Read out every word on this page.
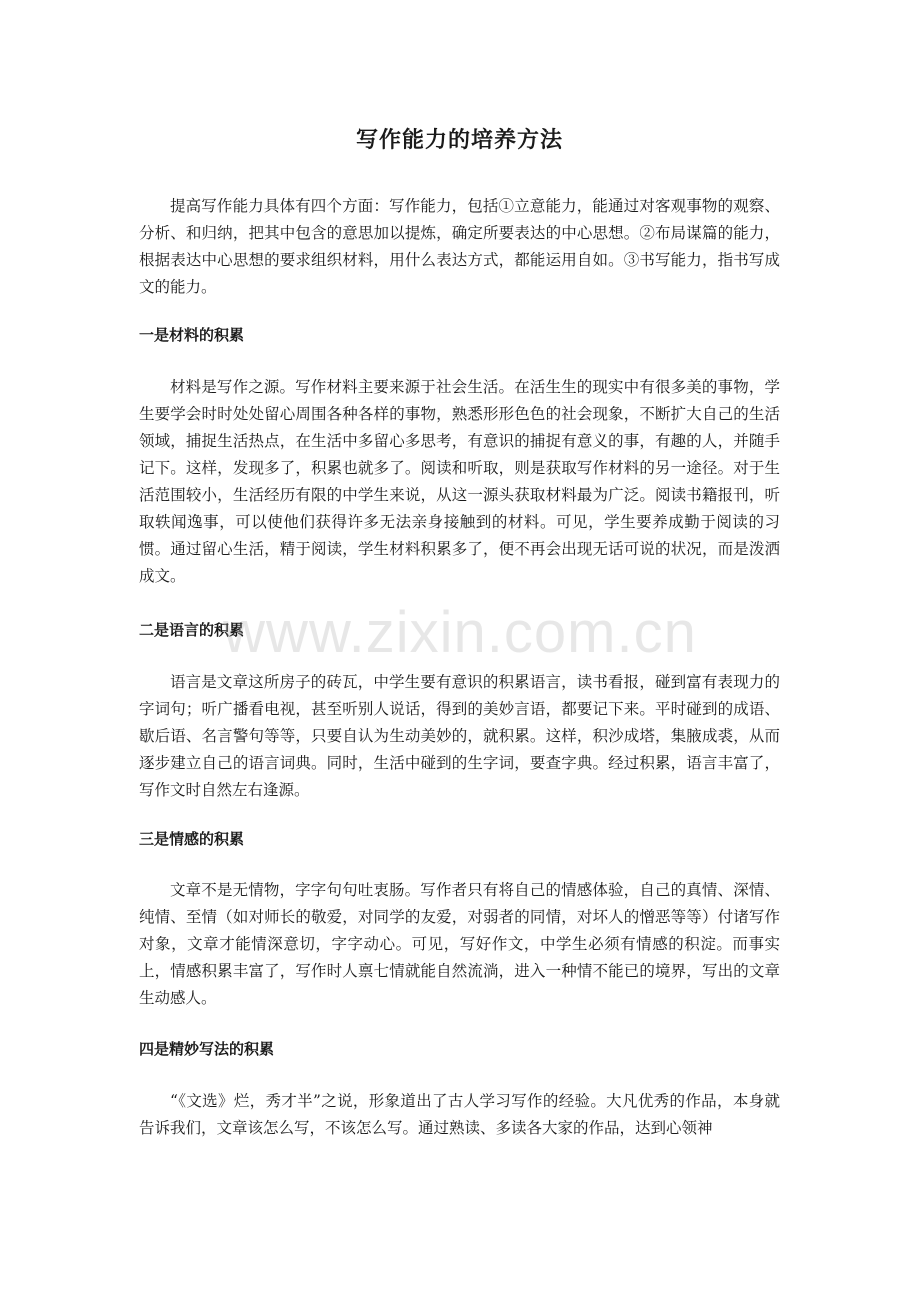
写作能力的培养方法

提高写作能力具体有四个方面：写作能力，包括①立意能力，能通过对客观事物的观察、分析、和归纳，把其中包含的意思加以提炼，确定所要表达的中心思想。②布局谋篇的能力，根据表达中心思想的要求组织材料，用什么表达方式，都能运用自如。③书写能力，指书写成文的能力。

一是材料的积累

材料是写作之源。写作材料主要来源于社会生活。在活生生的现实中有很多美的事物，学生要学会时时处处留心周围各种各样的事物，熟悉形形色色的社会现象，不断扩大自己的生活领域，捕捉生活热点，在生活中多留心多思考，有意识的捕捉有意义的事，有趣的人，并随手记下。这样，发现多了，积累也就多了。阅读和听取，则是获取写作材料的另一途径。对于生活范围较小，生活经历有限的中学生来说，从这一源头获取材料最为广泛。阅读书籍报刊，听取轶闻逸事，可以使他们获得许多无法亲身接触到的材料。可见，学生要养成勤于阅读的习惯。通过留心生活，精于阅读，学生材料积累多了，便不再会出现无话可说的状况，而是泼洒成文。

二是语言的积累

语言是文章这所房子的砖瓦，中学生要有意识的积累语言，读书看报，碰到富有表现力的字词句；听广播看电视，甚至听别人说话，得到的美妙言语，都要记下来。平时碰到的成语、歇后语、名言警句等等，只要自认为生动美妙的，就积累。这样，积沙成塔，集腋成裘，从而逐步建立自己的语言词典。同时，生活中碰到的生字词，要查字典。经过积累，语言丰富了，写作文时自然左右逢源。

三是情感的积累

文章不是无情物，字字句句吐衷肠。写作者只有将自己的情感体验，自己的真情、深情、纯情、至情（如对师长的敬爱，对同学的友爱，对弱者的同情，对坏人的憎恶等等）付诸写作对象，文章才能情深意切，字字动心。可见，写好作文，中学生必须有情感的积淀。而事实上，情感积累丰富了，写作时人禀七情就能自然流淌，进入一种情不能已的境界，写出的文章生动感人。

四是精妙写法的积累

“《文选》烂，秀才半”之说，形象道出了古人学习写作的经验。大凡优秀的作品，本身就告诉我们，文章该怎么写，不该怎么写。通过熟读、多读各大家的作品，达到心领神

www.zixin.com.cn
